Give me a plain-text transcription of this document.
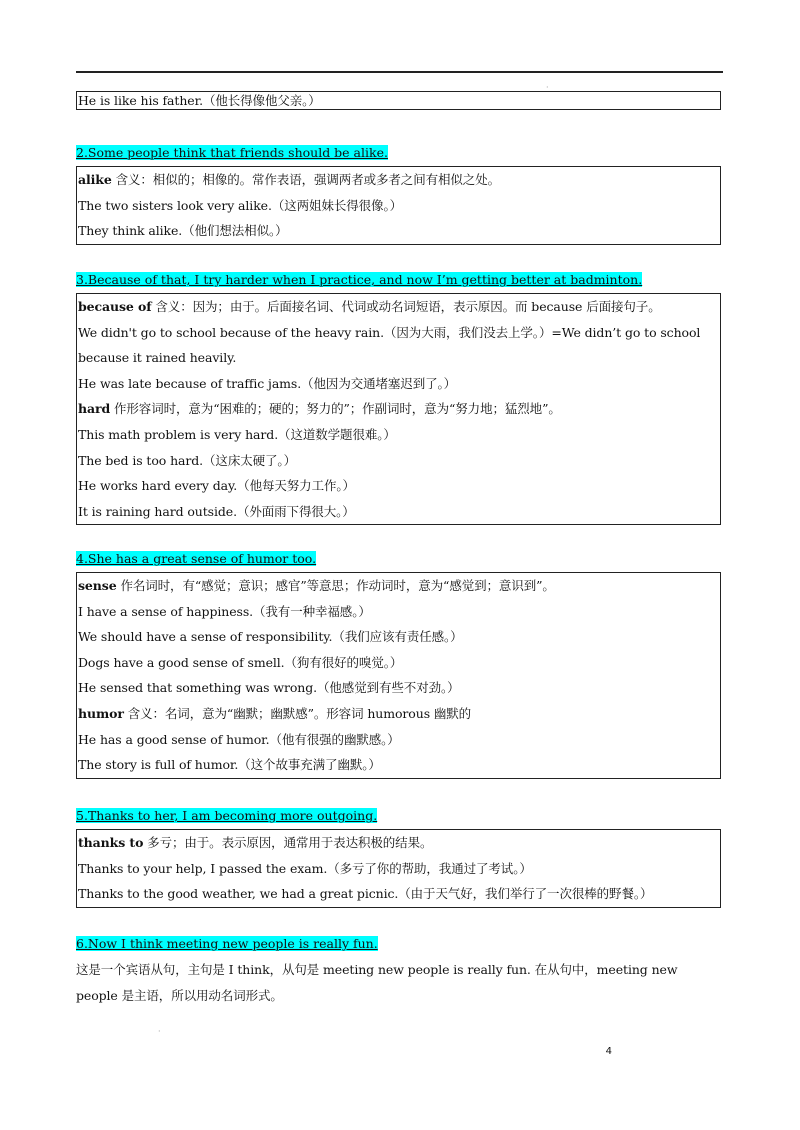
·
He is like his father.（他长得像他父亲。）
2.Some people think that friends should be alike.
alike 含义：相似的；相像的。常作表语，强调两者或多者之间有相似之处。
The two sisters look very alike.（这两姐妹长得很像。）
They think alike.（他们想法相似。）
3.Because of that, I try harder when I practice, and now I’m getting better at badminton.
because of 含义：因为；由于。后面接名词、代词或动名词短语，表示原因。而 because 后面接句子。
We didn't go to school because of the heavy rain.（因为大雨，我们没去上学。）=We didn’t go to school
because it rained heavily.
He was late because of traffic jams.（他因为交通堵塞迟到了。）
hard 作形容词时，意为“困难的；硬的；努力的”；作副词时，意为“努力地；猛烈地”。
This math problem is very hard.（这道数学题很难。）
The bed is too hard.（这床太硬了。）
He works hard every day.（他每天努力工作。）
It is raining hard outside.（外面雨下得很大。）
4.She has a great sense of humor too.
sense 作名词时，有“感觉；意识；感官”等意思；作动词时，意为“感觉到；意识到”。
I have a sense of happiness.（我有一种幸福感。）
We should have a sense of responsibility.（我们应该有责任感。）
Dogs have a good sense of smell.（狗有很好的嗅觉。）
He sensed that something was wrong.（他感觉到有些不对劲。）
humor 含义：名词，意为“幽默；幽默感”。形容词 humorous 幽默的
He has a good sense of humor.（他有很强的幽默感。）
The story is full of humor.（这个故事充满了幽默。）
5.Thanks to her, I am becoming more outgoing.
thanks to 多亏；由于。表示原因，通常用于表达积极的结果。
Thanks to your help, I passed the exam.（多亏了你的帮助，我通过了考试。）
Thanks to the good weather, we had a great picnic.（由于天气好，我们举行了一次很棒的野餐。）
6.Now I think meeting new people is really fun.
这是一个宾语从句，主句是 I think，从句是 meeting new people is really fun. 在从句中，meeting new
people 是主语，所以用动名词形式。
·
4
